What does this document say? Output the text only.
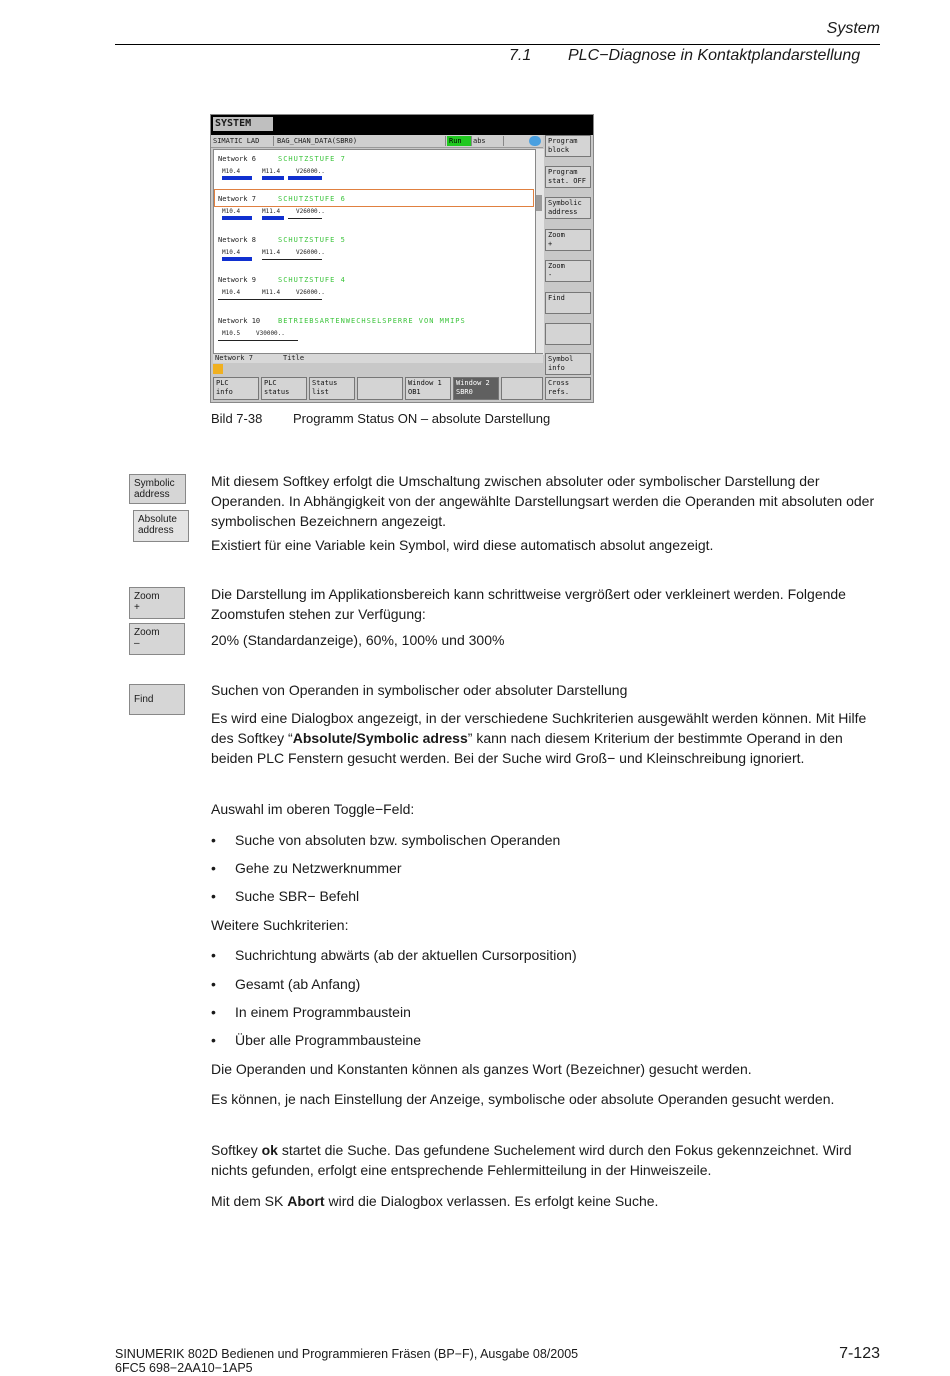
System
7.1 PLC−Diagnose in Kontaktplandarstellung
SYSTEM
SIMATIC LAD	BAG_CHAN_DATA(SBR0)	Run	abs
Network 6	SCHUTZSTUFE 7
M10.4	M11.4	V26000..
Network 7	SCHUTZSTUFE 6
M10.4	M11.4	V26000..
Network 8	SCHUTZSTUFE 5
M10.4	M11.4	V26000..
Network 9	SCHUTZSTUFE 4
M10.4	M11.4	V26000..
Network 10	BETRIEBSARTENWECHSELSPERRE VON MMIPS
M10.5	V30000..
Network 7	Title
Program
block
Program
stat. OFF
Symbolic
address
Zoom
+
Zoom
-
Find
Symbol
info
Cross
refs.
PLC
info
PLC
status
Status
list
Window 1
OB1
Window 2
SBR0
Bild 7-38 Programm Status ON – absolute Darstellung
Symbolic
address
Absolute
address
Zoom
+
Zoom
–
Find
Mit diesem Softkey erfolgt die Umschaltung zwischen absoluter oder symbolischer Darstellung der Operanden. In Abhängigkeit von der angewählte Darstellungsart werden die Operanden mit absoluten oder symbolischen Bezeichnern angezeigt.
Existiert für eine Variable kein Symbol, wird diese automatisch absolut angezeigt.
Die Darstellung im Applikationsbereich kann schrittweise vergrößert oder verkleinert werden. Folgende Zoomstufen stehen zur Verfügung:
20% (Standardanzeige), 60%, 100% und 300%
Suchen von Operanden in symbolischer oder absoluter Darstellung
Es wird eine Dialogbox angezeigt, in der verschiedene Suchkriterien ausgewählt werden können. Mit Hilfe des Softkey “Absolute/Symbolic adress” kann nach diesem Kriterium der bestimmte Operand in den beiden PLC Fenstern gesucht werden. Bei der Suche wird Groß− und Kleinschreibung ignoriert.
Auswahl im oberen Toggle−Feld:
• Suche von absoluten bzw. symbolischen Operanden
• Gehe zu Netzwerknummer
• Suche SBR− Befehl
Weitere Suchkriterien:
• Suchrichtung abwärts (ab der aktuellen Cursorposition)
• Gesamt (ab Anfang)
• In einem Programmbaustein
• Über alle Programmbausteine
Die Operanden und Konstanten können als ganzes Wort (Bezeichner) gesucht werden.
Es können, je nach Einstellung der Anzeige, symbolische oder absolute Operanden gesucht werden.
Softkey ok startet die Suche. Das gefundene Suchelement wird durch den Fokus gekennzeichnet. Wird nichts gefunden, erfolgt eine entsprechende Fehlermitteilung in der Hinweiszeile.
Mit dem SK Abort wird die Dialogbox verlassen. Es erfolgt keine Suche.
SINUMERIK 802D Bedienen und Programmieren Fräsen (BP−F), Ausgabe 08/2005
6FC5 698−2AA10−1AP5
7-123
